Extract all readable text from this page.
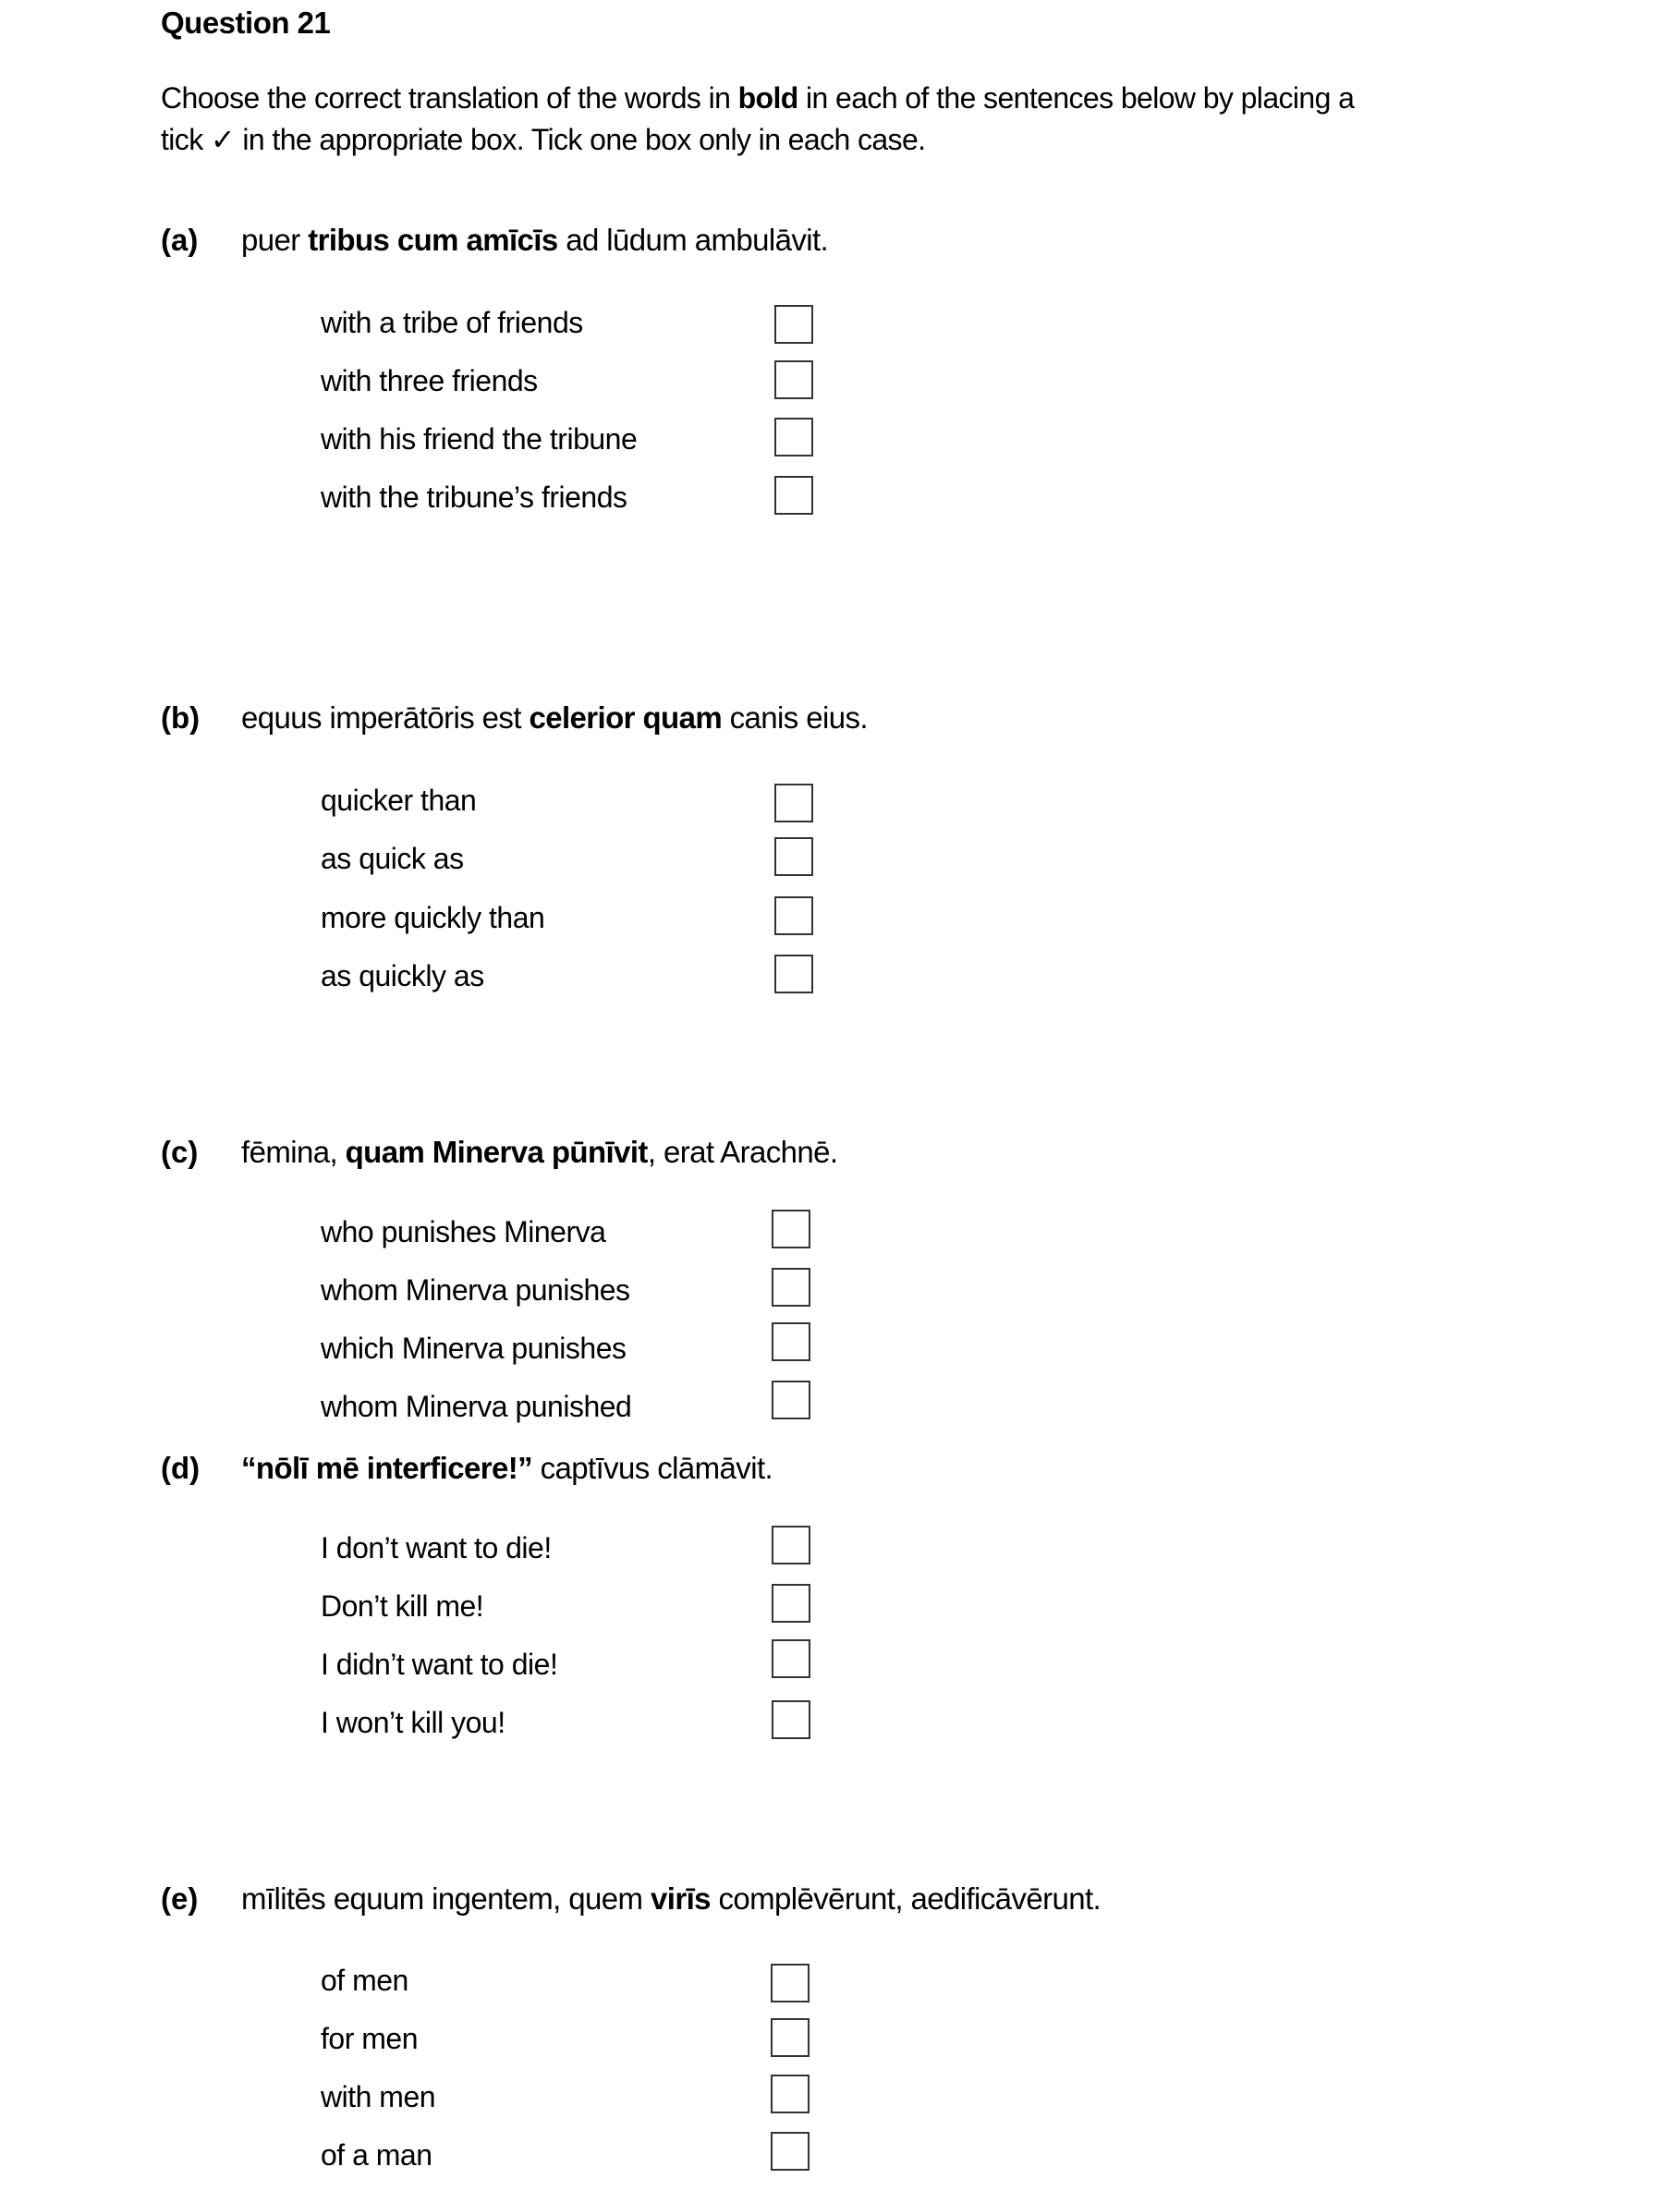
Question 21
Choose the correct translation of the words in bold in each of the sentences below by placing a
tick ✓ in the appropriate box. Tick one box only in each case.
(a) puer tribus cum amīcīs ad lūdum ambulāvit.
with a tribe of friends
with three friends
with his friend the tribune
with the tribune’s friends
(b) equus imperātōris est celerior quam canis eius.
quicker than
as quick as
more quickly than
as quickly as
(c) fēmina, quam Minerva pūnīvit, erat Arachnē.
who punishes Minerva
whom Minerva punishes
which Minerva punishes
whom Minerva punished
(d) “nōlī mē interficere!” captīvus clāmāvit.
I don’t want to die!
Don’t kill me!
I didn’t want to die!
I won’t kill you!
(e) mīlitēs equum ingentem, quem virīs complēvērunt, aedificāvērunt.
of men
for men
with men
of a man
